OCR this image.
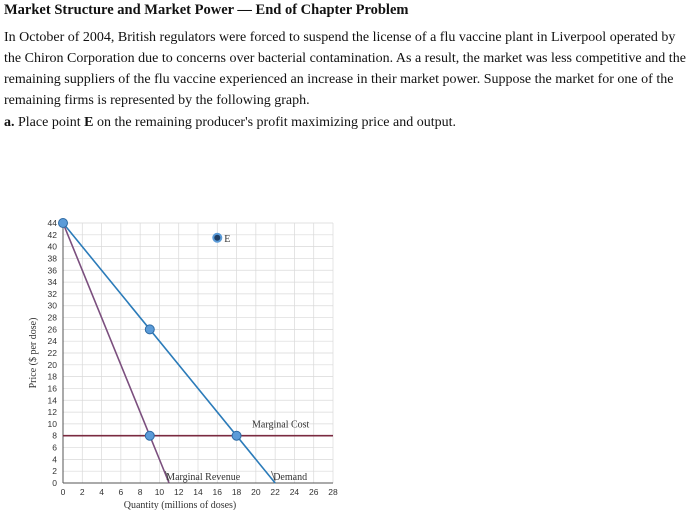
Market Structure and Market Power — End of Chapter Problem

In October of 2004, British regulators were forced to suspend the license of a flu vaccine plant in Liverpool operated by the Chiron Corporation due to concerns over bacterial contamination. As a result, the market was less competitive and the remaining suppliers of the flu vaccine experienced an increase in their market power. Suppose the market for one of the remaining firms is represented by the following graph.

a. Place point E on the remaining producer's profit maximizing price and output.
0
2
4
6
8
10
12
14
16
18
20
22
24
26
28
30
32
34
36
38
40
42
44
0 2 4 6 8 10 12 14 16 18 20 22 24 26 28
Price ($ per dose)
Quantity (millions of doses)
Marginal Cost
Marginal Revenue	Demand
E
